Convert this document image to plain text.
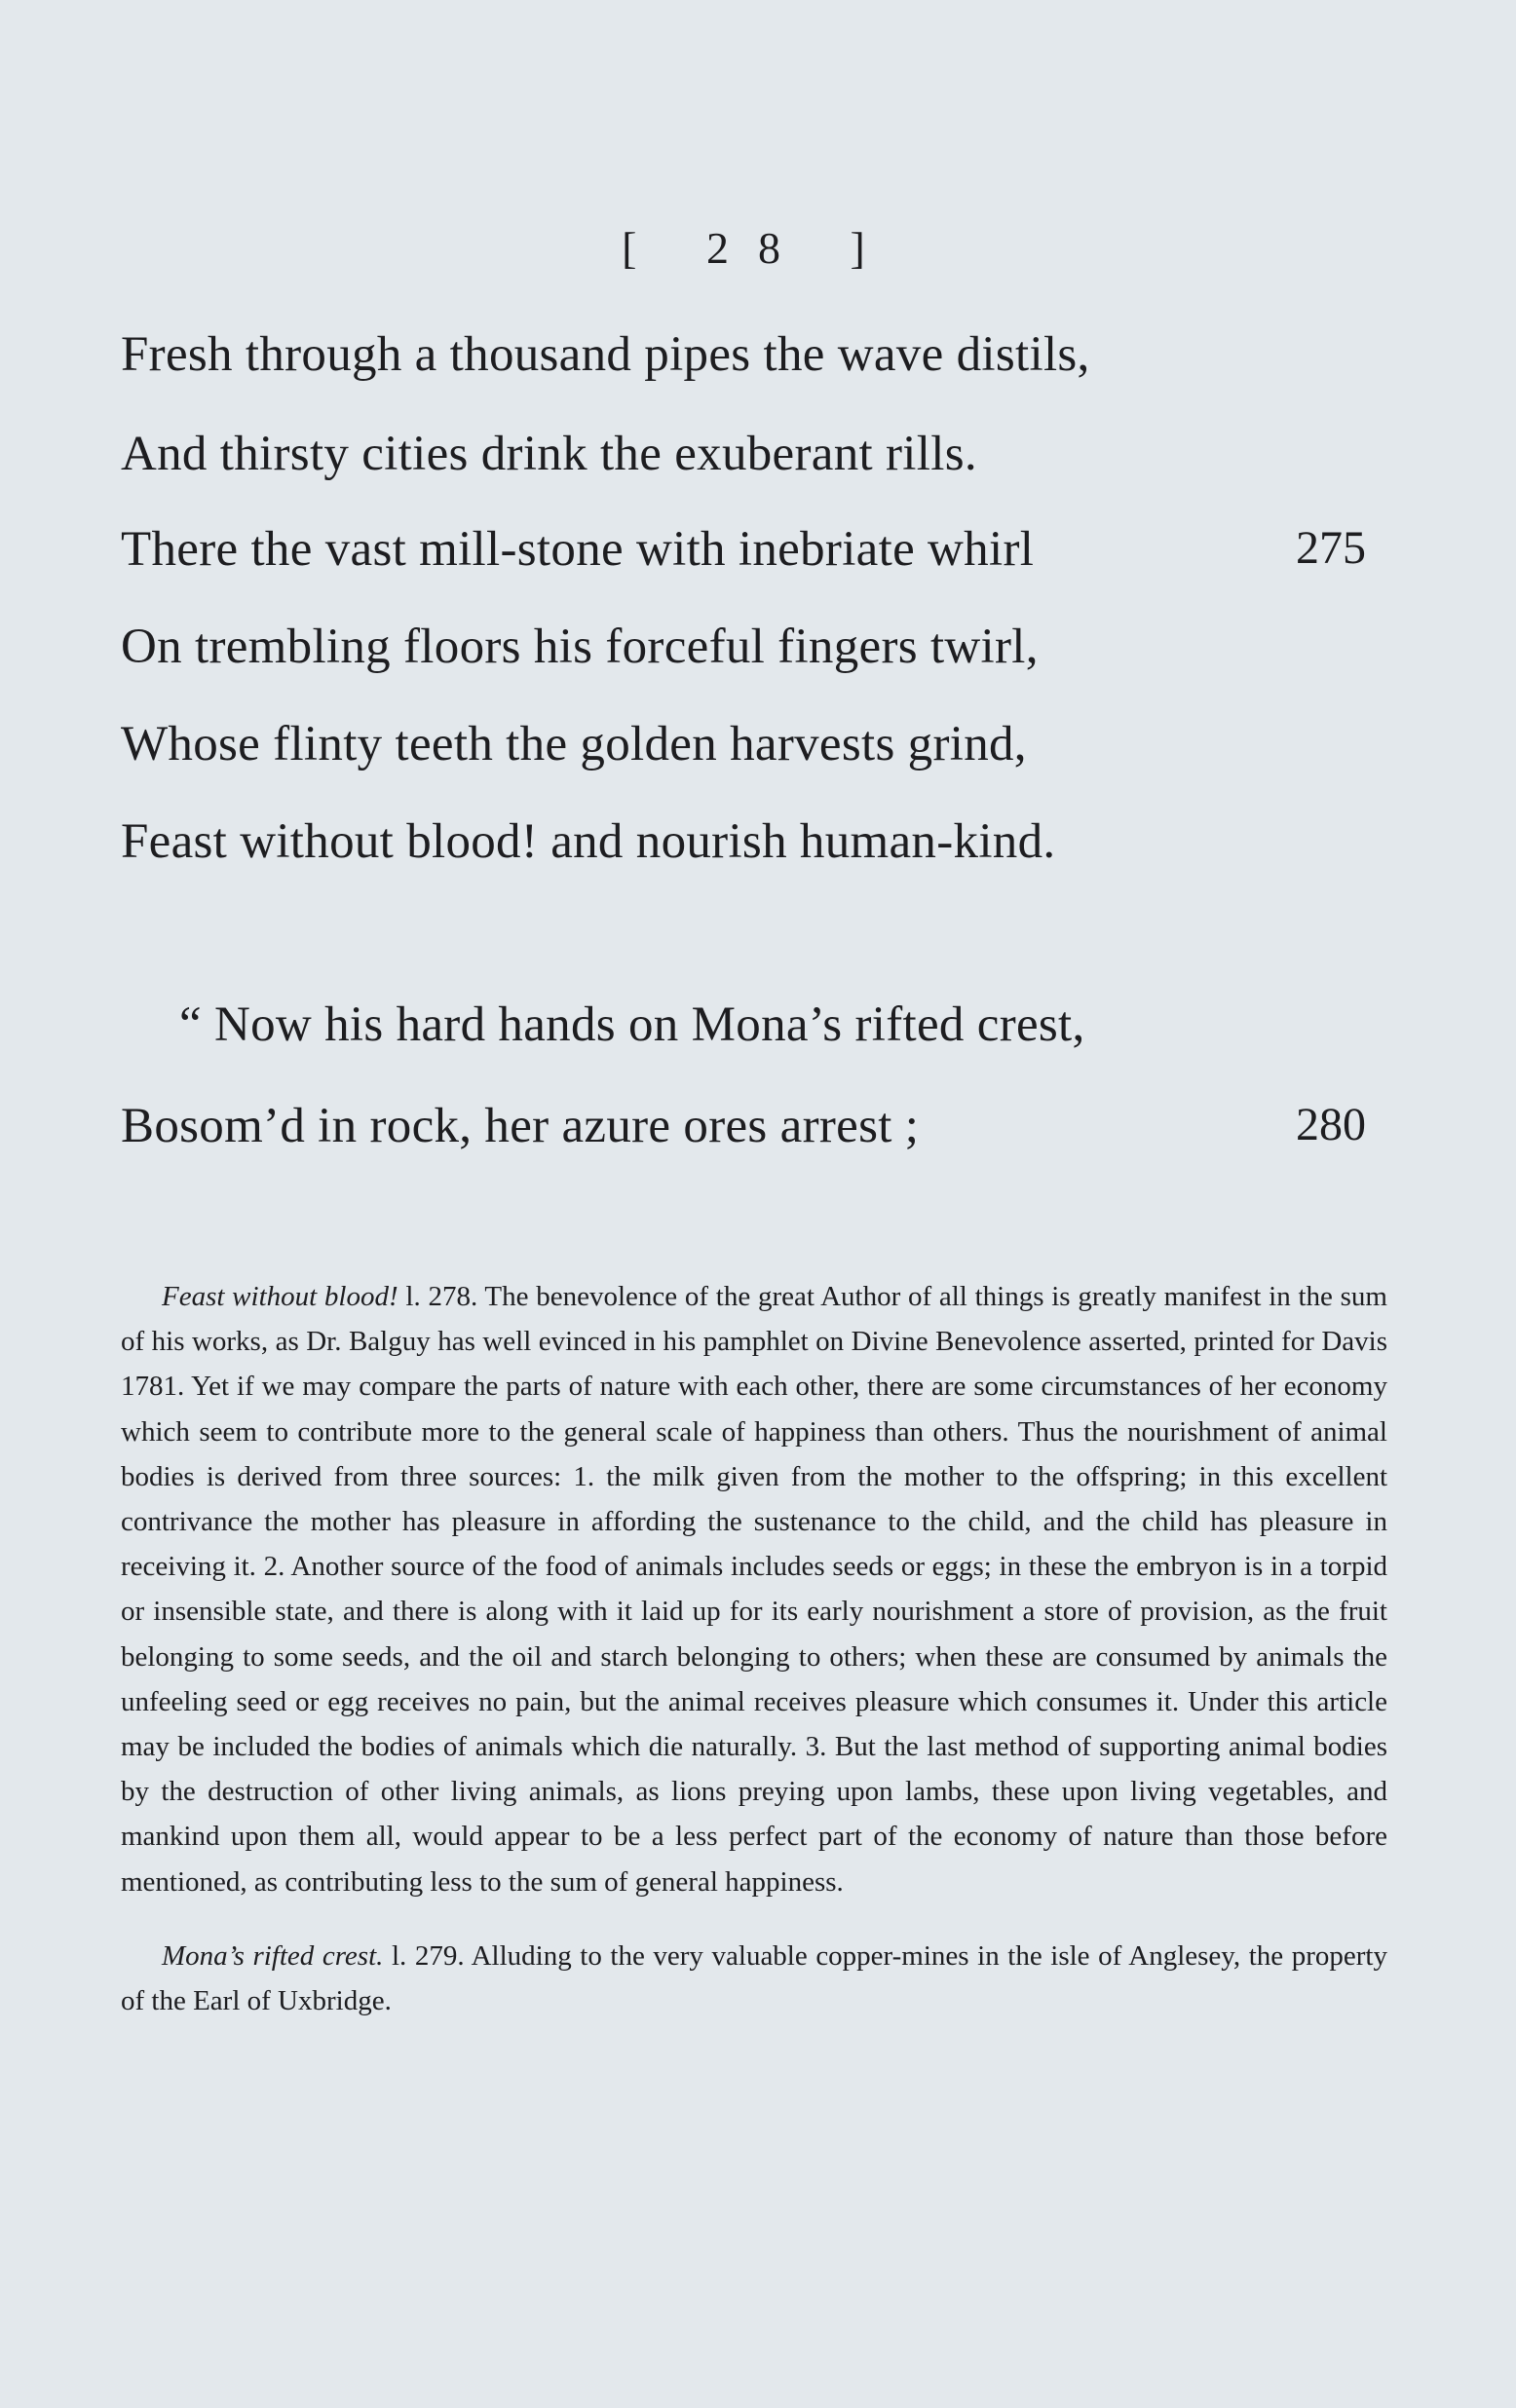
[ 28 ]
Fresh through a thousand pipes the wave distils,
And thirsty cities drink the exuberant rills.
There the vast mill-stone with inebriate whirl	275
On trembling floors his forceful fingers twirl,
Whose flinty teeth the golden harvests grind,
Feast without blood! and nourish human-kind.
“ Now his hard hands on Mona’s rifted crest,
Bosom’d in rock, her azure ores arrest ;	280

Feast without blood! l. 278. The benevolence of the great Author of all things is greatly manifest in the sum of his works, as Dr. Balguy has well evinced in his pamphlet on Divine Benevolence asserted, printed for Davis 1781. Yet if we may compare the parts of nature with each other, there are some circumstances of her economy which seem to contribute more to the general scale of happiness than others. Thus the nourishment of animal bodies is derived from three sources: 1. the milk given from the mother to the offspring; in this excellent contrivance the mother has pleasure in affording the sustenance to the child, and the child has pleasure in receiving it. 2. Another source of the food of animals includes seeds or eggs; in these the embryon is in a torpid or insensible state, and there is along with it laid up for its early nourishment a store of provision, as the fruit belonging to some seeds, and the oil and starch belonging to others; when these are consumed by animals the unfeeling seed or egg receives no pain, but the animal receives pleasure which consumes it. Under this article may be included the bodies of animals which die naturally. 3. But the last method of supporting animal bodies by the destruction of other living animals, as lions preying upon lambs, these upon living vegetables, and mankind upon them all, would appear to be a less perfect part of the economy of nature than those before mentioned, as contributing less to the sum of general happiness.

Mona’s rifted crest. l. 279. Alluding to the very valuable copper-mines in the isle of Anglesey, the property of the Earl of Uxbridge.
